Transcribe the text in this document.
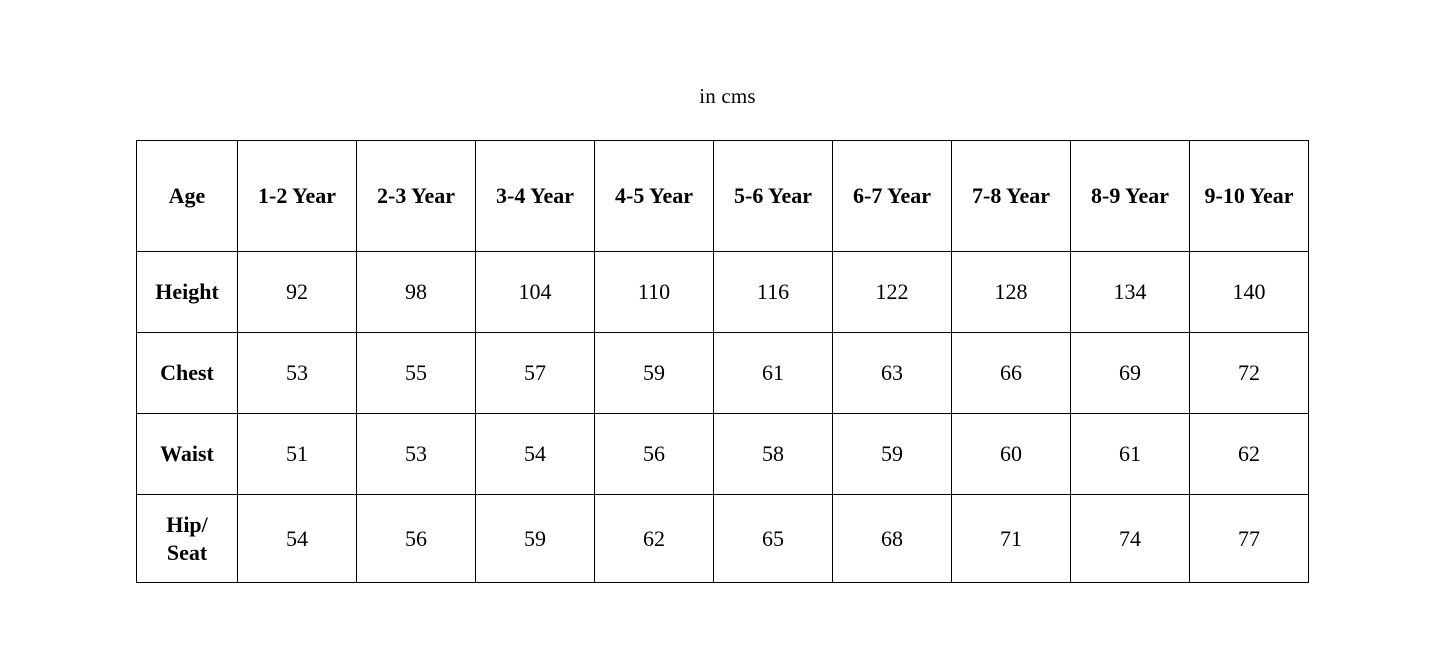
in cms
Age	1-2 Year	2-3 Year	3-4 Year	4-5 Year	5-6 Year	6-7 Year	7-8 Year	8-9 Year	9-10 Year
Height	92	98	104	110	116	122	128	134	140
Chest	53	55	57	59	61	63	66	69	72
Waist	51	53	54	56	58	59	60	61	62

Hip/
Seat	54	56	59	62	65	68	71	74	77
